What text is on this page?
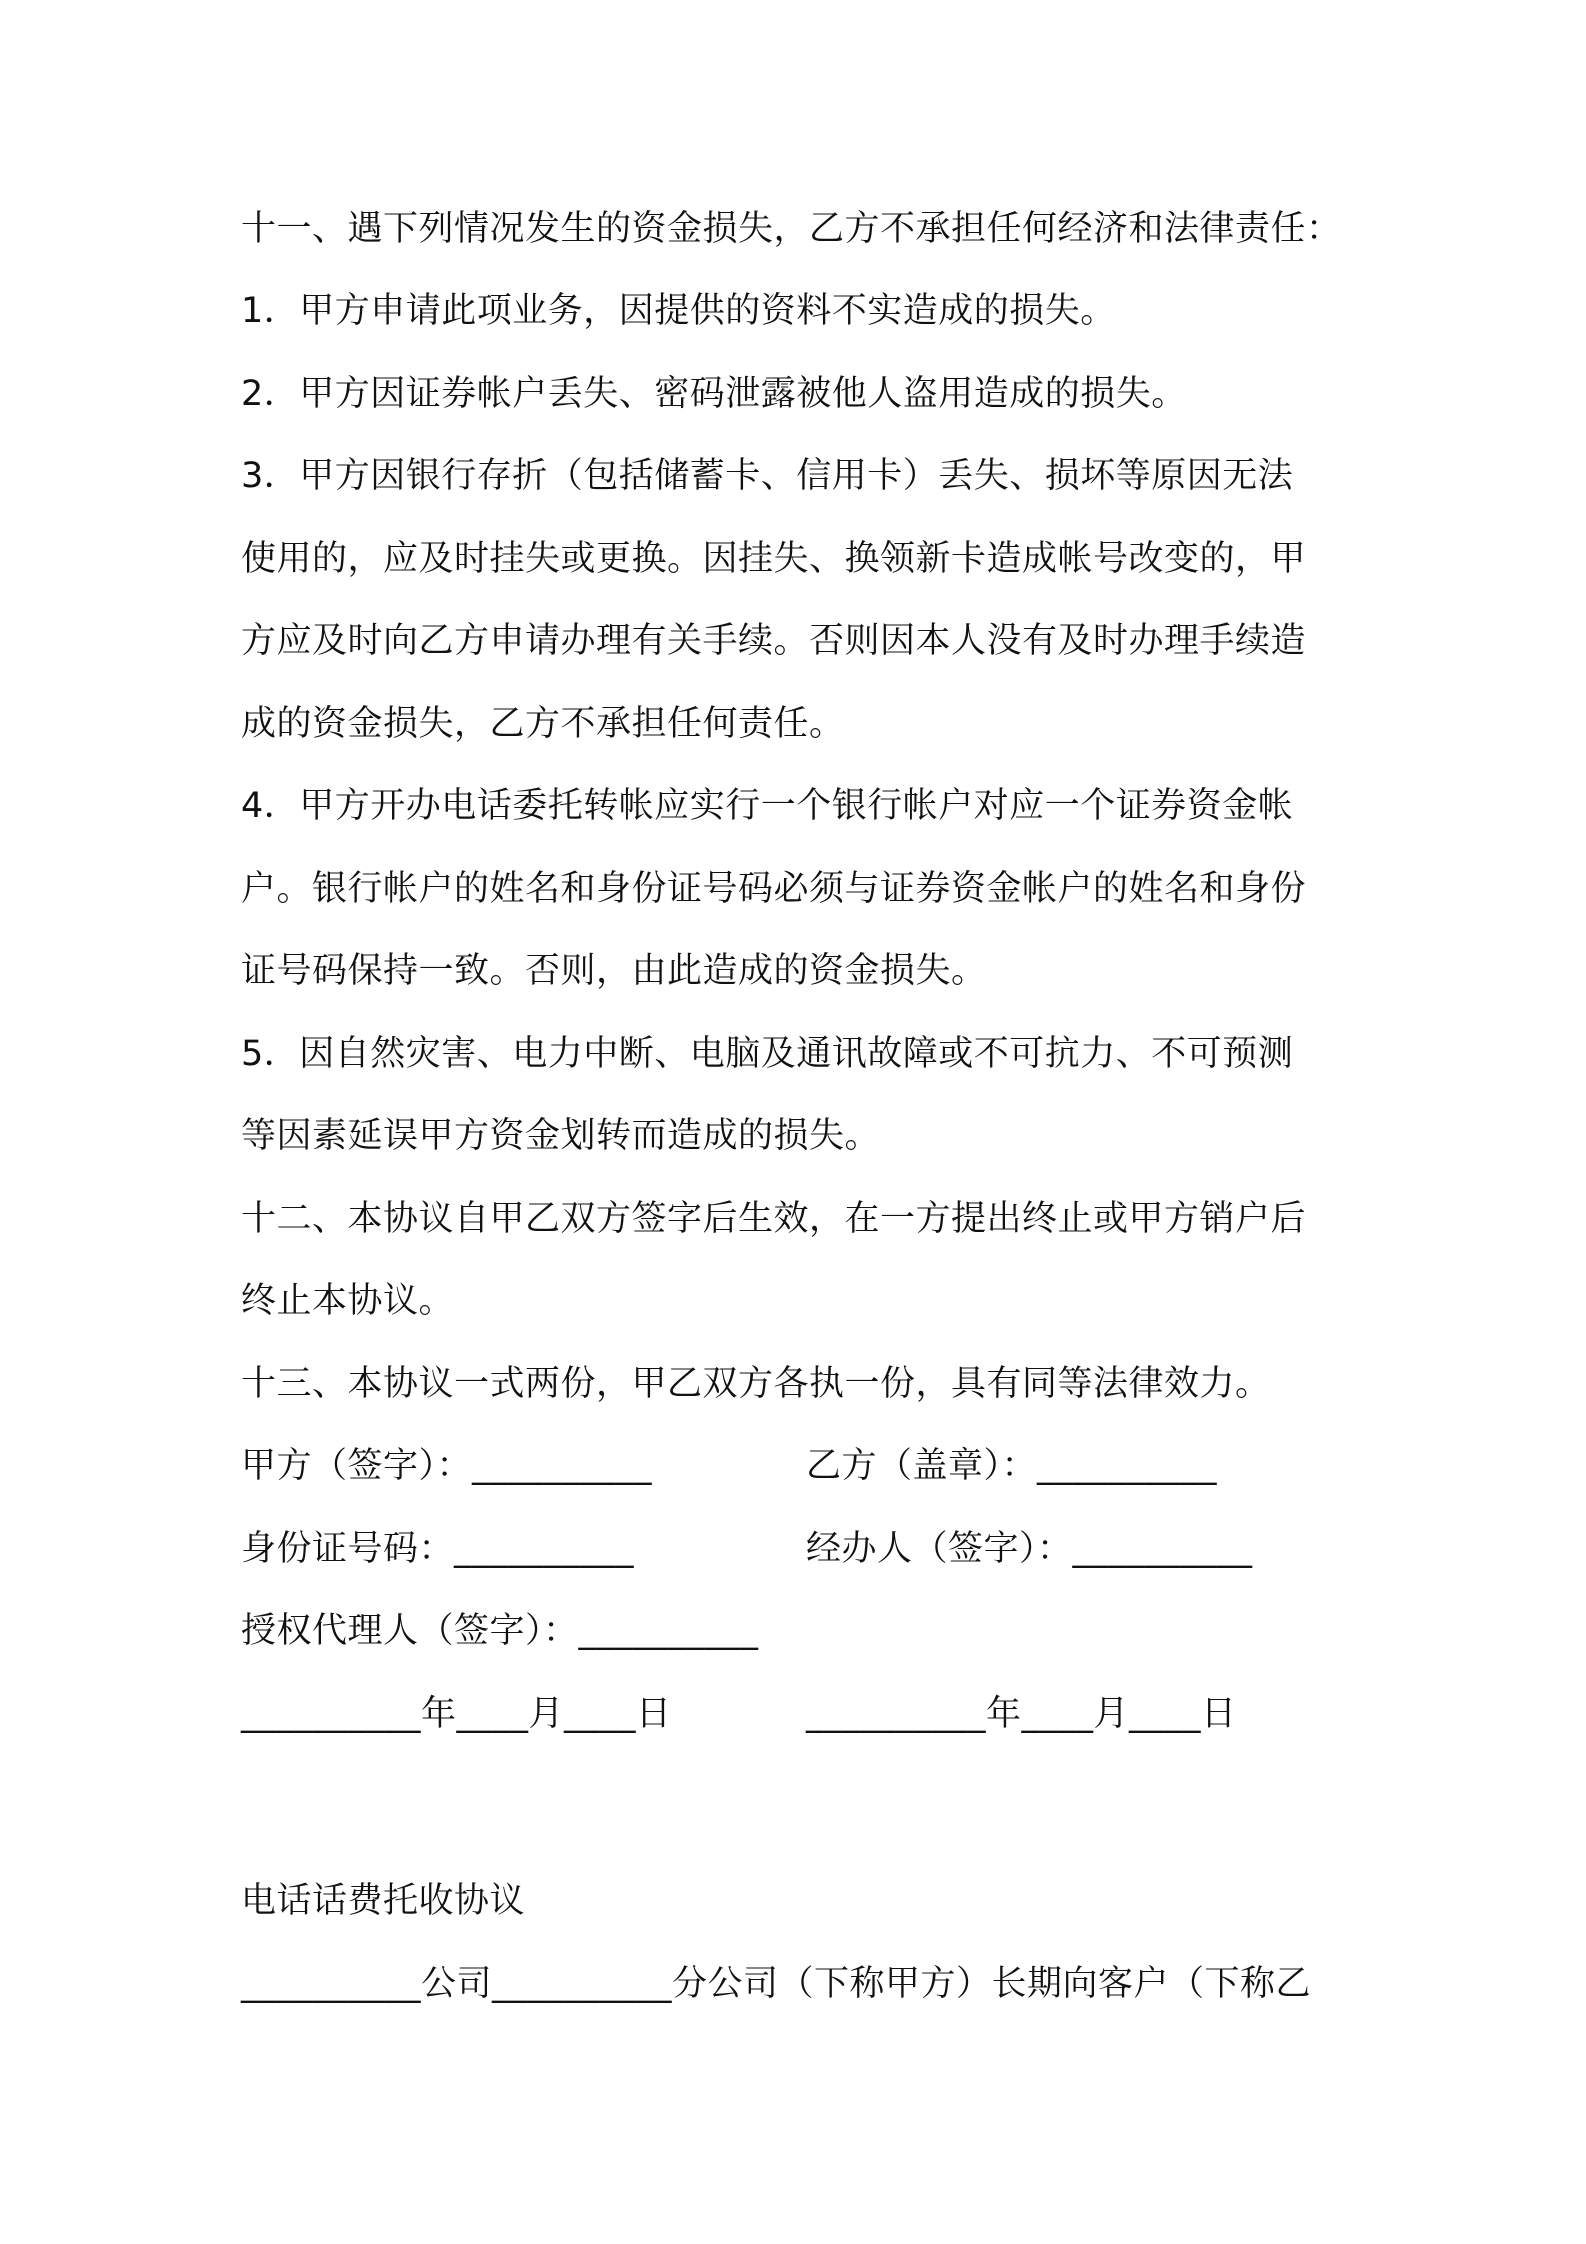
十一、遇下列情况发生的资金损失，乙方不承担任何经济和法律责任：
1．甲方申请此项业务，因提供的资料不实造成的损失。
2．甲方因证券帐户丢失、密码泄露被他人盗用造成的损失。
3．甲方因银行存折（包括储蓄卡、信用卡）丢失、损坏等原因无法
使用的，应及时挂失或更换。因挂失、换领新卡造成帐号改变的，甲
方应及时向乙方申请办理有关手续。否则因本人没有及时办理手续造
成的资金损失，乙方不承担任何责任。
4．甲方开办电话委托转帐应实行一个银行帐户对应一个证券资金帐
户。银行帐户的姓名和身份证号码必须与证券资金帐户的姓名和身份
证号码保持一致。否则，由此造成的资金损失。
5．因自然灾害、电力中断、电脑及通讯故障或不可抗力、不可预测
等因素延误甲方资金划转而造成的损失。
十二、本协议自甲乙双方签字后生效，在一方提出终止或甲方销户后
终止本协议。
十三、本协议一式两份，甲乙双方各执一份，具有同等法律效力。
甲方（签字）：__________	乙方（盖章）：__________
身份证号码：__________	经办人（签字）：__________
授权代理人（签字）：__________
__________年____月____日	__________年____月____日
电话话费托收协议
__________公司__________分公司（下称甲方）长期向客户（下称乙
